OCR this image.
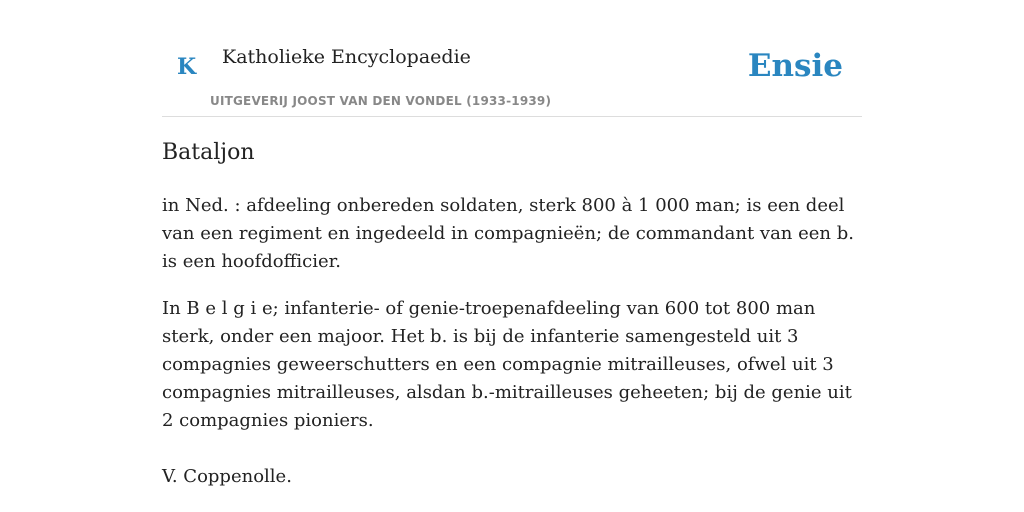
K Katholieke Encyclopaedie
UITGEVERIJ JOOST VAN DEN VONDEL (1933-1939)
Ensie
Bataljon

in Ned. : afdeeling onbereden soldaten, sterk 800 à 1 000 man; is een deel van een regiment en ingedeeld in compagnieën; de commandant van een b. is een hoofdofficier.

In B e l g i e; infanterie- of genie-troepenafdeeling van 600 tot 800 man sterk, onder een majoor. Het b. is bij de infanterie samengesteld uit 3 compagnies geweerschutters en een compagnie mitrailleuses, ofwel uit 3 compagnies mitrailleuses, alsdan b.-mitrailleuses geheeten; bij de genie uit 2 compagnies pioniers.

V. Coppenolle.
